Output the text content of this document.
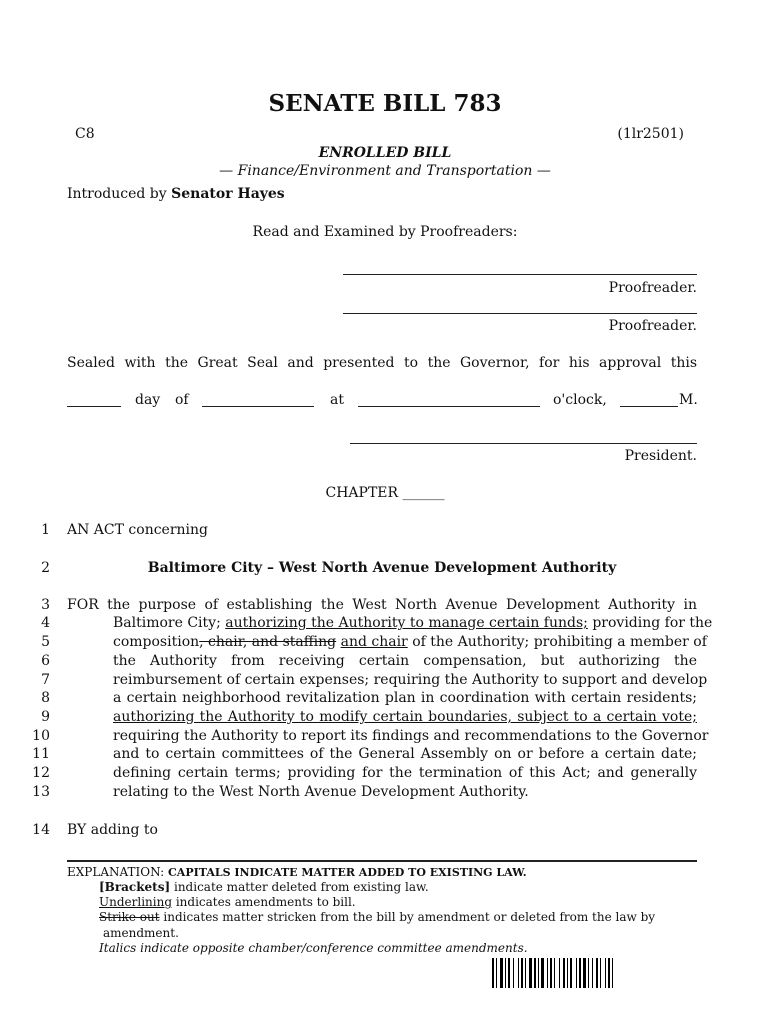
SENATE BILL 783
C8	(1lr2501)
ENROLLED BILL
— Finance/Environment and Transportation —
Introduced by Senator Hayes
Read and Examined by Proofreaders:
Proofreader.
Proofreader.
Sealed with the Great Seal and presented to the Governor, for his approval this
day of	at	o'clock,	M.
President.
CHAPTER ______
1
2
3
4
5
6
7
8
9
10
11
12
13
14
AN ACT concerning
Baltimore City – West North Avenue Development Authority
FOR the purpose of establishing the West North Avenue Development Authority in
Baltimore City; authorizing the Authority to manage certain funds; providing for the
composition, chair, and staffing and chair of the Authority; prohibiting a member of
the Authority from receiving certain compensation, but authorizing the
reimbursement of certain expenses; requiring the Authority to support and develop
a certain neighborhood revitalization plan in coordination with certain residents;
authorizing the Authority to modify certain boundaries, subject to a certain vote;
requiring the Authority to report its findings and recommendations to the Governor
and to certain committees of the General Assembly on or before a certain date;
defining certain terms; providing for the termination of this Act; and generally
relating to the West North Avenue Development Authority.
BY adding to
EXPLANATION: CAPITALS INDICATE MATTER ADDED TO EXISTING LAW.
[Brackets] indicate matter deleted from existing law.
Underlining indicates amendments to bill.
Strike out indicates matter stricken from the bill by amendment or deleted from the law by
amendment.
Italics indicate opposite chamber/conference committee amendments.
